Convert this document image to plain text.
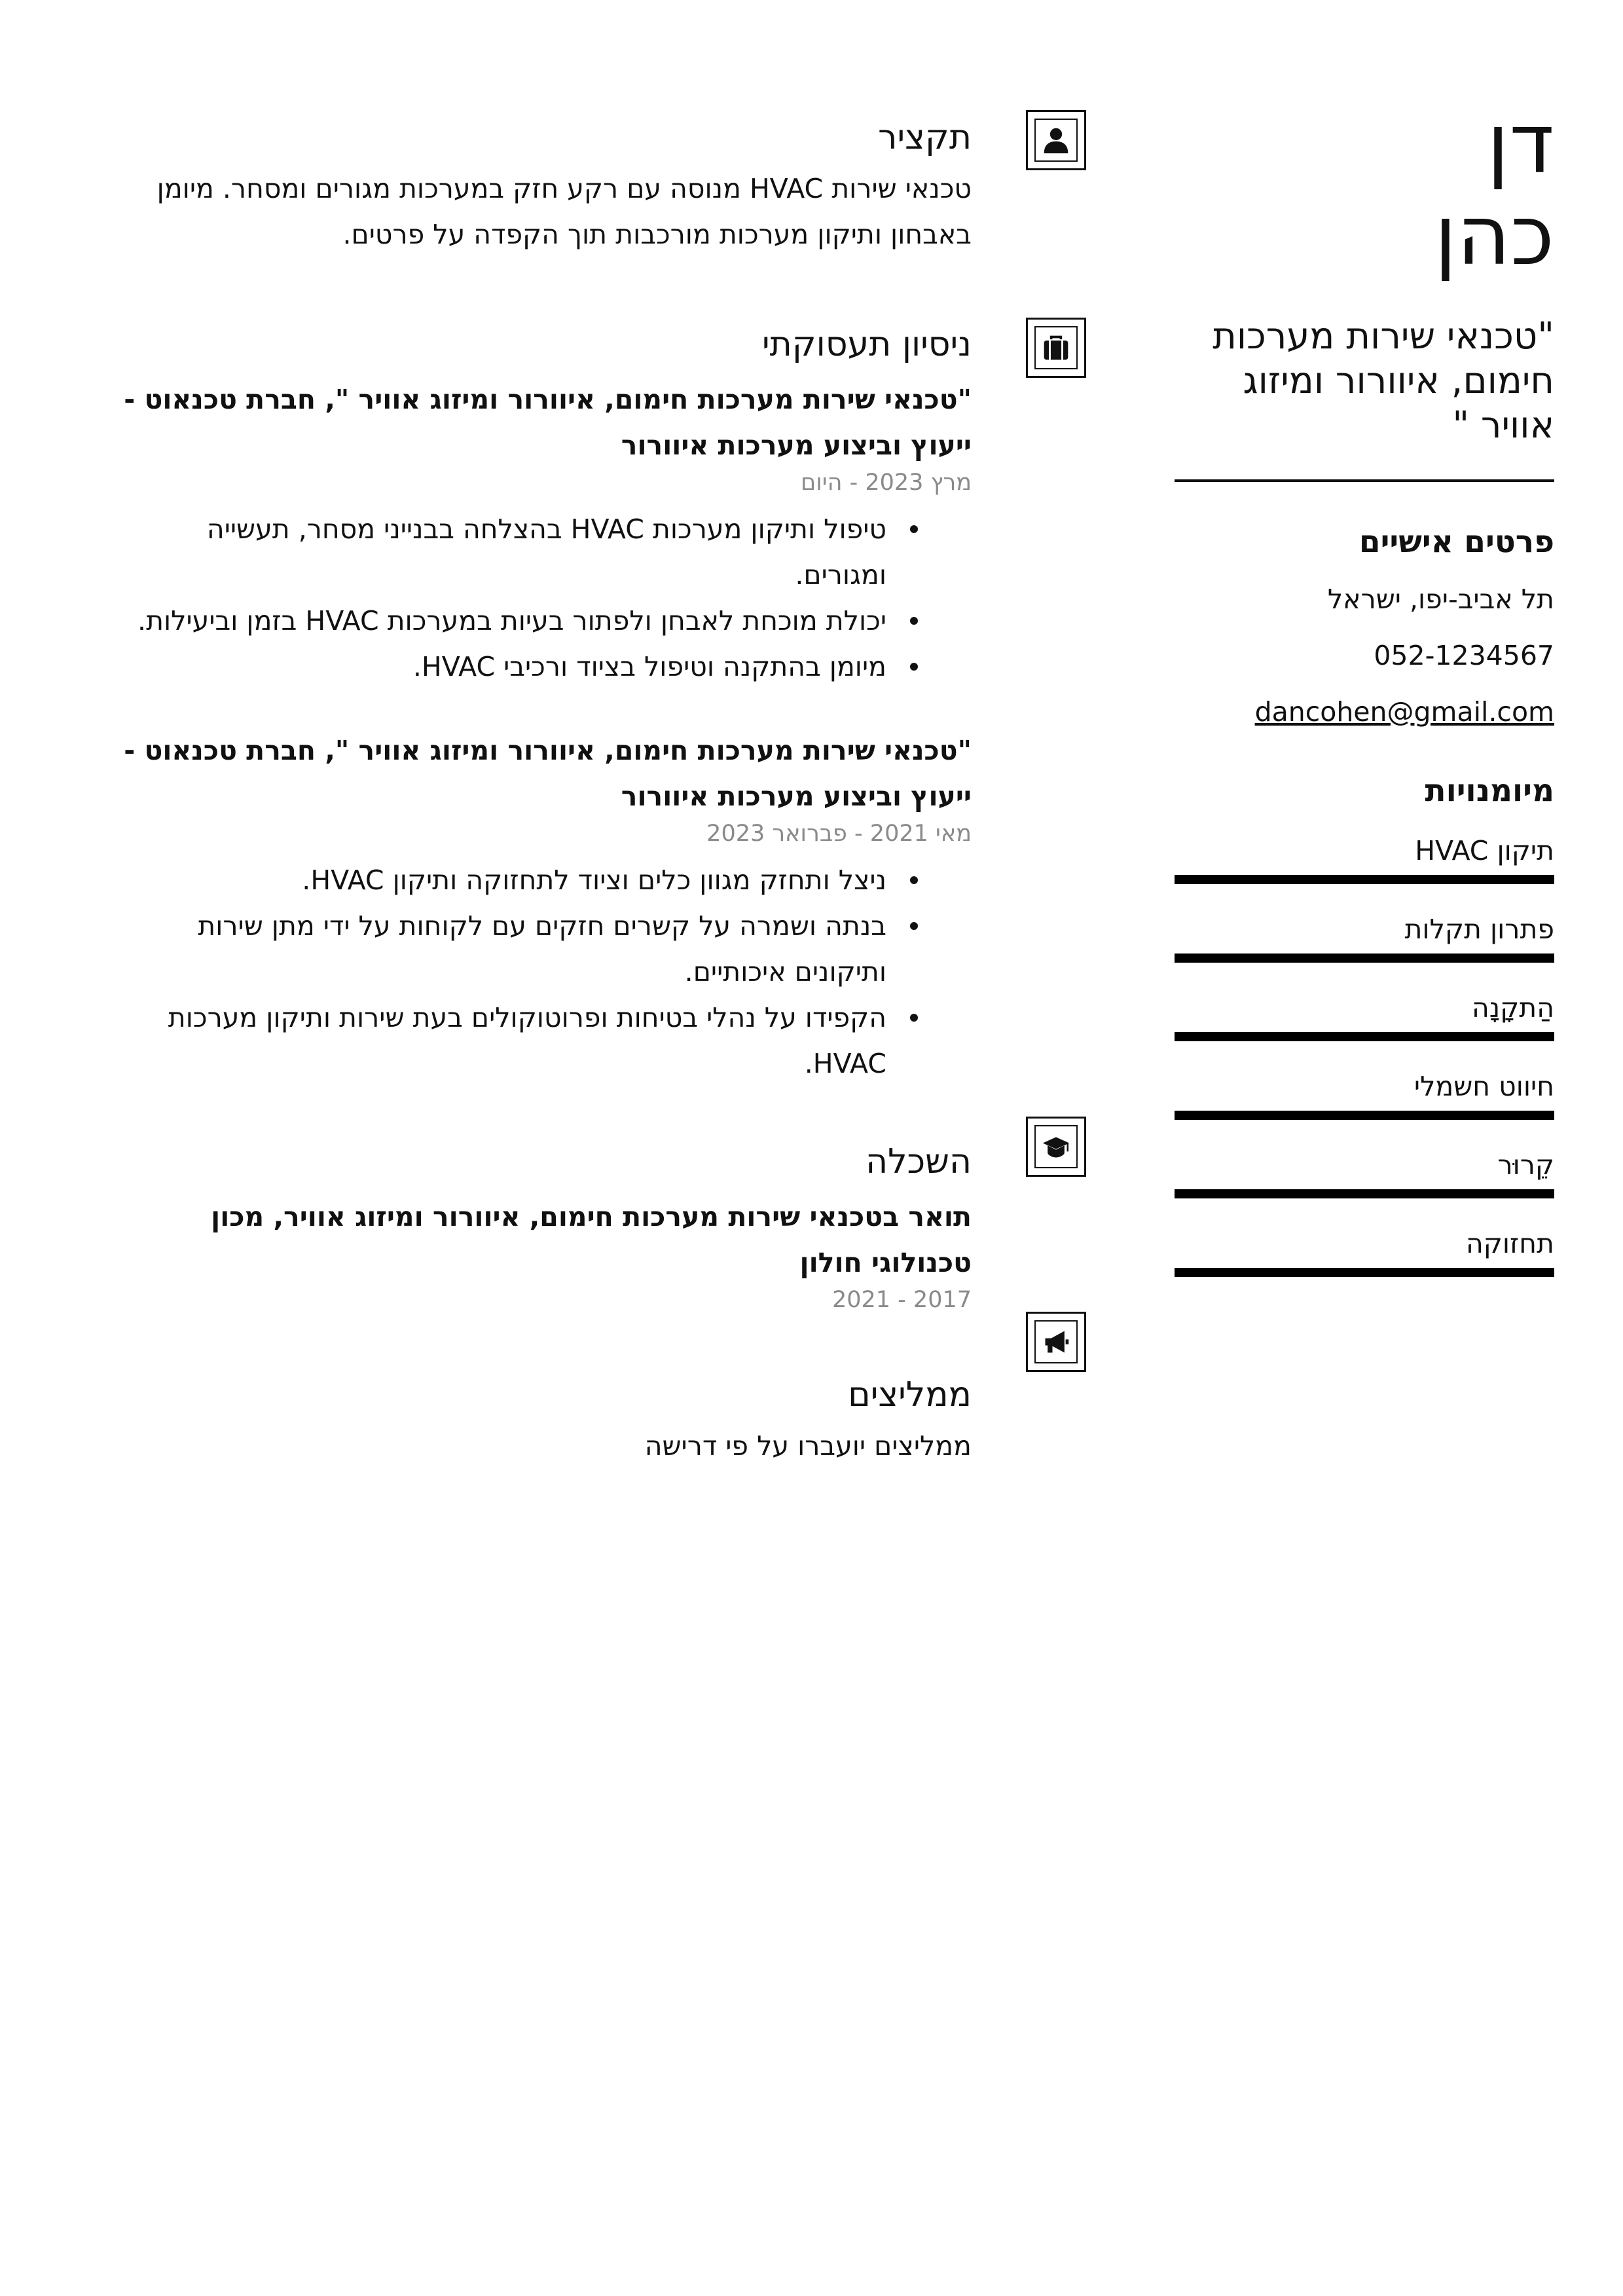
דן
כהן
"טכנאי שירות מערכות חימום, איוורור ומיזוג אוויר "
פרטים אישיים
תל אביב-יפו, ישראל
052-1234567
dancohen@gmail.com
מיומנויות
תיקון HVAC
פתרון תקלות
הַתקָנָה
חיווט חשמלי
קֵרוּר
תחזוקה
תקציר
טכנאי שירות HVAC מנוסה עם רקע חזק במערכות מגורים ומסחר. מיומן באבחון ותיקון מערכות מורכבות תוך הקפדה על פרטים.
ניסיון תעסוקתי
"טכנאי שירות מערכות חימום, איוורור ומיזוג אוויר ", חברת טכנאוט - ייעוץ וביצוע מערכות איוורור
מרץ 2023 - היום
טיפול ותיקון מערכות HVAC בהצלחה בבנייני מסחר, תעשייה ומגורים.
יכולת מוכחת לאבחן ולפתור בעיות במערכות HVAC בזמן וביעילות.
מיומן בהתקנה וטיפול בציוד ורכיבי HVAC.
"טכנאי שירות מערכות חימום, איוורור ומיזוג אוויר ", חברת טכנאוט - ייעוץ וביצוע מערכות איוורור
מאי 2021 - פברואר 2023
ניצל ותחזק מגוון כלים וציוד לתחזוקה ותיקון HVAC.
בנתה ושמרה על קשרים חזקים עם לקוחות על ידי מתן שירות ותיקונים איכותיים.
הקפידו על נהלי בטיחות ופרוטוקולים בעת שירות ותיקון מערכות HVAC.
השכלה
תואר בטכנאי שירות מערכות חימום, איוורור ומיזוג אוויר, מכון טכנולוגי חולון
2017 - 2021
ממליצים
ממליצים יועברו על פי דרישה
